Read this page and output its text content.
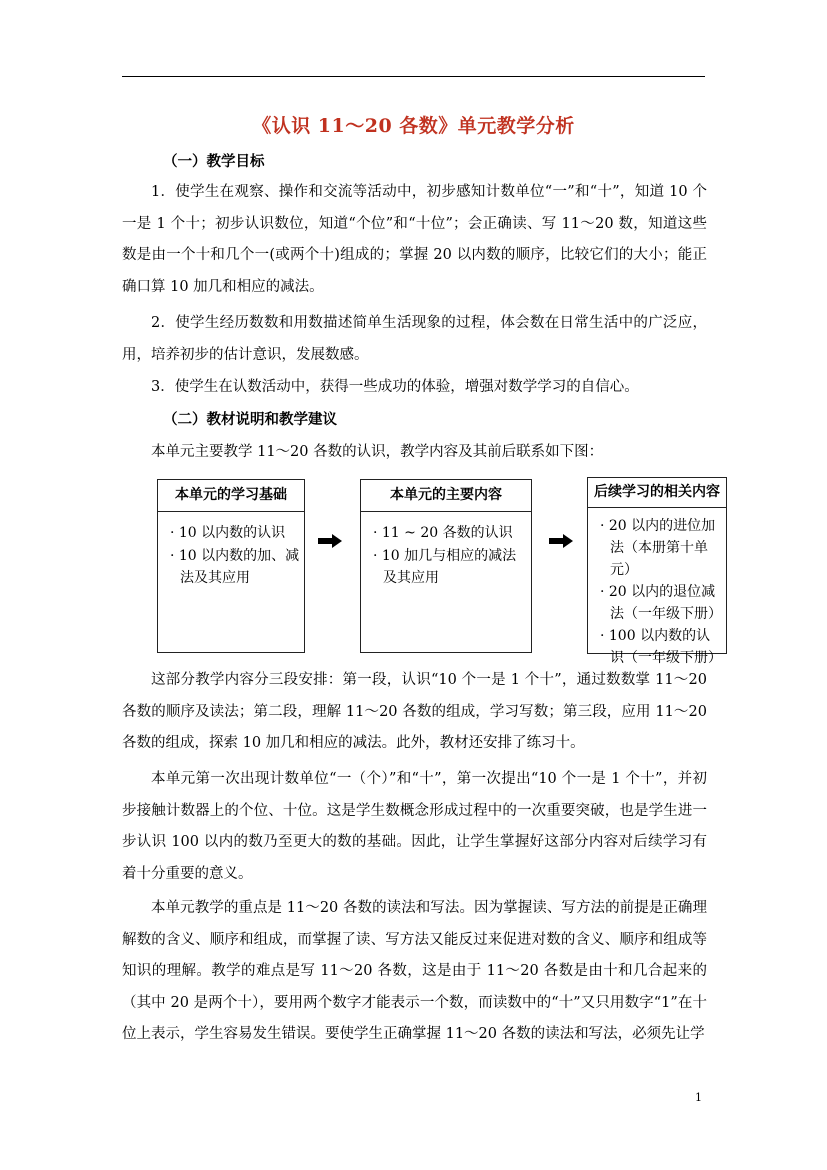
《认识 11～20 各数》单元教学分析
（一）教学目标

1．使学生在观察、操作和交流等活动中，初步感知计数单位“一”和“十”，知道 10 个一是 1 个十；初步认识数位，知道“个位”和“十位”；会正确读、写 11～20 数，知道这些数是由一个十和几个一(或两个十)组成的；掌握 20 以内数的顺序，比较它们的大小；能正确口算 10 加几和相应的减法。

2．使学生经历数数和用数描述简单生活现象的过程，体会数在日常生活中的广泛应，用，培养初步的估计意识，发展数感。

3．使学生在认数活动中，获得一些成功的体验，增强对数学学习的自信心。

（二）教材说明和教学建议

本单元主要教学 11～20 各数的认识，教学内容及其前后联系如下图：

本单元的学习基础
· 10 以内数的认识
· 10 以内数的加、减法及其应用
本单元的主要内容
· 11 ~ 20 各数的认识
· 10 加几与相应的减法及其应用
后续学习的相关内容
· 20 以内的进位加法（本册第十单元）
· 20 以内的退位减法（一年级下册）
· 100 以内数的认识（一年级下册）

这部分教学内容分三段安排：第一段，认识“10 个一是 1 个十”，通过数数掌 11～20 各数的顺序及读法；第二段，理解 11～20 各数的组成，学习写数；第三段，应用 11～20 各数的组成，探索 10 加几和相应的减法。此外，教材还安排了练习十。

本单元第一次出现计数单位“一（个）”和“十”，第一次提出“10 个一是 1 个十”，并初步接触计数器上的个位、十位。这是学生数概念形成过程中的一次重要突破，也是学生进一步认识 100 以内的数乃至更大的数的基础。因此，让学生掌握好这部分内容对后续学习有着十分重要的意义。

本单元教学的重点是 11～20 各数的读法和写法。因为掌握读、写方法的前提是正确理解数的含义、顺序和组成，而掌握了读、写方法又能反过来促进对数的含义、顺序和组成等知识的理解。教学的难点是写 11～20 各数，这是由于 11～20 各数是由十和几合起来的（其中 20 是两个十），要用两个数字才能表示一个数，而读数中的“十”又只用数字“1”在十位上表示，学生容易发生错误。要使学生正确掌握 11～20 各数的读法和写法，必须先让学

1
